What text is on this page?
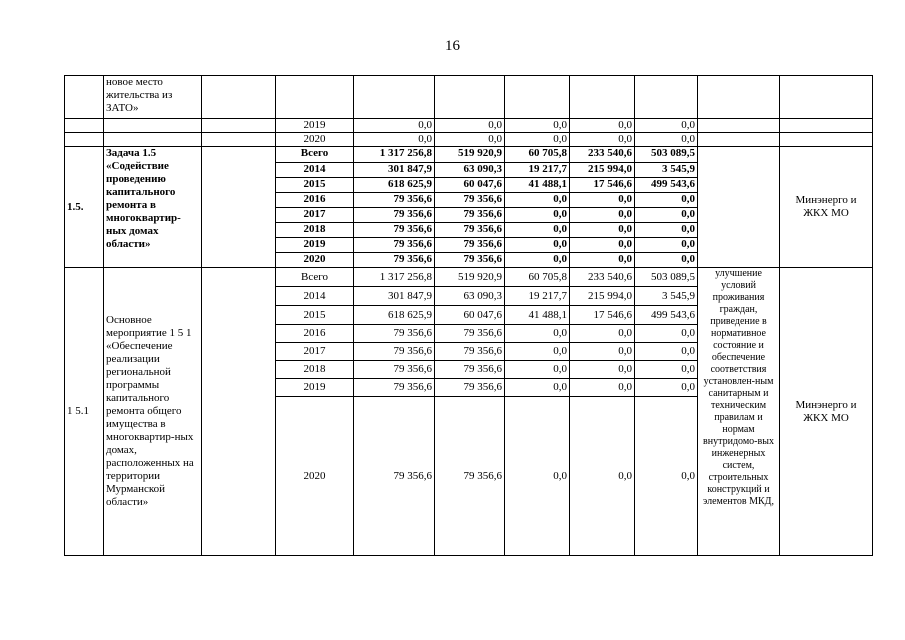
16
	новое место жительства из ЗАТО»									
			2019	0,0	0,0	0,0	0,0	0,0		
			2020	0,0	0,0	0,0	0,0	0,0		
1.5.	Задача 1.5 «Содействие проведению капитального ремонта в многоквартир-ных домах области»		Всего	1 317 256,8	519 920,9	60 705,8	233 540,6	503 089,5		Минэнерго и ЖКХ МО
			2014	301 847,9	63 090,3	19 217,7	215 994,0	3 545,9		
			2015	618 625,9	60 047,6	41 488,1	17 546,6	499 543,6		
			2016	79 356,6	79 356,6	0,0	0,0	0,0		
			2017	79 356,6	79 356,6	0,0	0,0	0,0		
			2018	79 356,6	79 356,6	0,0	0,0	0,0		
			2019	79 356,6	79 356,6	0,0	0,0	0,0		
			2020	79 356,6	79 356,6	0,0	0,0	0,0		
1 5.1	Основное мероприятие 1 5 1 «Обеспечение реализации региональной программы капитального ремонта общего имущества в многоквартир-ных домах, расположенных на территории Мурманской области»		Всего	1 317 256,8	519 920,9	60 705,8	233 540,6	503 089,5	улучшение условий проживания граждан, приведение в нормативное состояние и обеспечение соответствия установлен-ным санитарным и техническим правилам и нормам внутридомо-вых инженерных систем, строительных конструкций и элементов МКД,	Минэнерго и ЖКХ МО
			2014	301 847,9	63 090,3	19 217,7	215 994,0	3 545,9		
			2015	618 625,9	60 047,6	41 488,1	17 546,6	499 543,6		
			2016	79 356,6	79 356,6	0,0	0,0	0,0		
			2017	79 356,6	79 356,6	0,0	0,0	0,0		
			2018	79 356,6	79 356,6	0,0	0,0	0,0		
			2019	79 356,6	79 356,6	0,0	0,0	0,0		
			2020	79 356,6	79 356,6	0,0	0,0	0,0		
